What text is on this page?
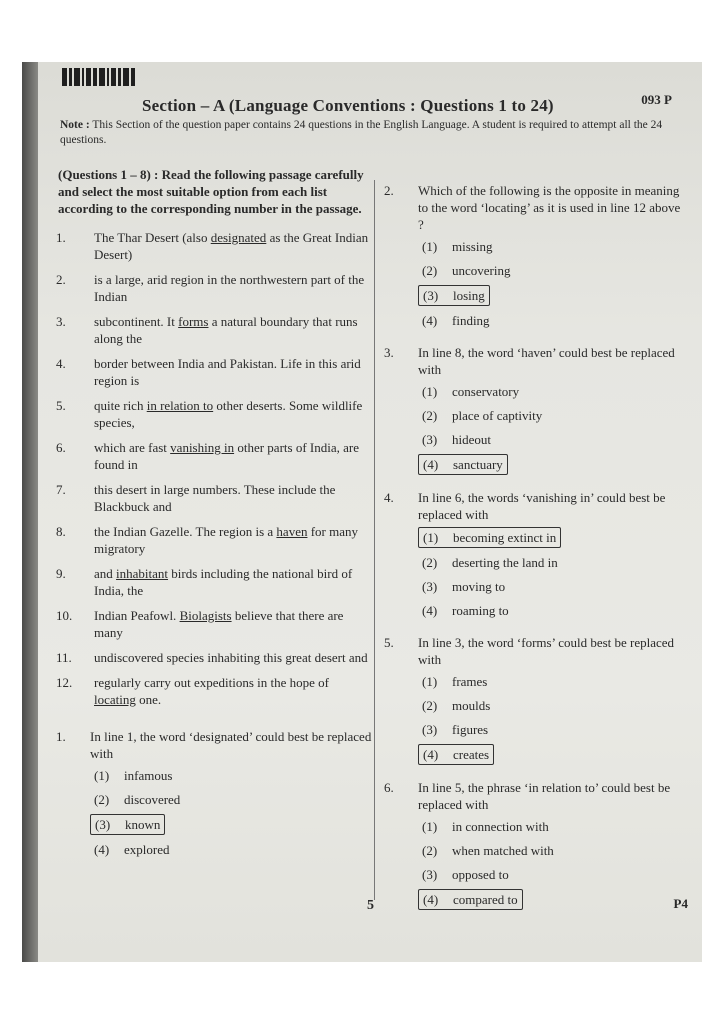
093 P
Section – A (Language Conventions : Questions 1 to 24)
Note : This Section of the question paper contains 24 questions in the English Language. A student is required to attempt all the 24 questions.
(Questions 1 – 8) : Read the following passage carefully and select the most suitable option from each list according to the corresponding number in the passage.
1.	The Thar Desert (also designated as the Great Indian Desert)
2.	is a large, arid region in the northwestern part of the Indian
3.	subcontinent. It forms a natural boundary that runs along the
4.	border between India and Pakistan. Life in this arid region is
5.	quite rich in relation to other deserts. Some wildlife species,
6.	which are fast vanishing in other parts of India, are found in
7.	this desert in large numbers. These include the Blackbuck and
8.	the Indian Gazelle. The region is a haven for many migratory
9.	and inhabitant birds including the national bird of India, the
10.	Indian Peafowl. Biolagists believe that there are many
11.	undiscovered species inhabiting this great desert and
12.	regularly carry out expeditions in the hope of locating one.
1.	In line 1, the word ‘designated’ could best be replaced with
(1)	infamous
(2)	discovered
(3)	known
(4)	explored
2.	Which of the following is the opposite in meaning to the word ‘locating’ as it is used in line 12 above ?
(1)	missing
(2)	uncovering
(3)	losing
(4)	finding
3.	In line 8, the word ‘haven’ could best be replaced with
(1)	conservatory
(2)	place of captivity
(3)	hideout
(4)	sanctuary
4.	In line 6, the words ‘vanishing in’ could best be replaced with
(1)	becoming extinct in
(2)	deserting the land in
(3)	moving to
(4)	roaming to
5.	In line 3, the word ‘forms’ could best be replaced with
(1)	frames
(2)	moulds
(3)	figures
(4)	creates
6.	In line 5, the phrase ‘in relation to’ could best be replaced with
(1)	in connection with
(2)	when matched with
(3)	opposed to
(4)	compared to
5	P4
